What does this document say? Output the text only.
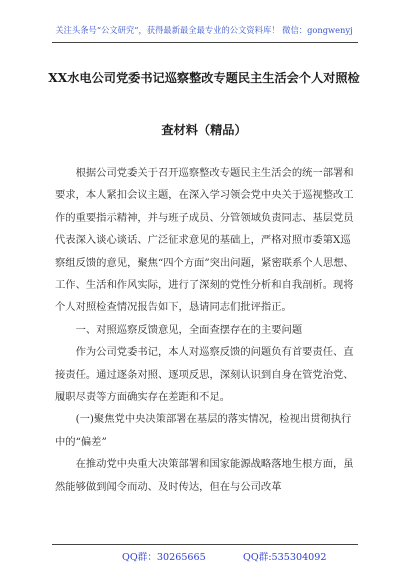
关注头条号“公文研究”，获得最新最全最专业的公文资料库！ 微信：gongwenyj
XX水电公司党委书记巡察整改专题民主生活会个人对照检
查材料（精品）

根据公司党委关于召开巡察整改专题民主生活会的统一部署和要求，本人紧扣会议主题，在深入学习领会党中央关于巡视整改工作的重要指示精神，并与班子成员、分管领域负责同志、基层党员代表深入谈心谈话、广泛征求意见的基础上，严格对照市委第X巡察组反馈的意见，聚焦“四个方面”突出问题，紧密联系个人思想、工作、生活和作风实际，进行了深刻的党性分析和自我剖析。现将个人对照检查情况报告如下，恳请同志们批评指正。

一、对照巡察反馈意见，全面查摆存在的主要问题

作为公司党委书记，本人对巡察反馈的问题负有首要责任、直接责任。通过逐条对照、逐项反思，深刻认识到自身在管党治党、履职尽责等方面确实存在差距和不足。

(一)聚焦党中央决策部署在基层的落实情况，检视出贯彻执行中的“偏差”

在推动党中央重大决策部署和国家能源战略落地生根方面，虽然能够做到闻令而动、及时传达，但在与公司改革

QQ群：30265665	QQ群:535304092
